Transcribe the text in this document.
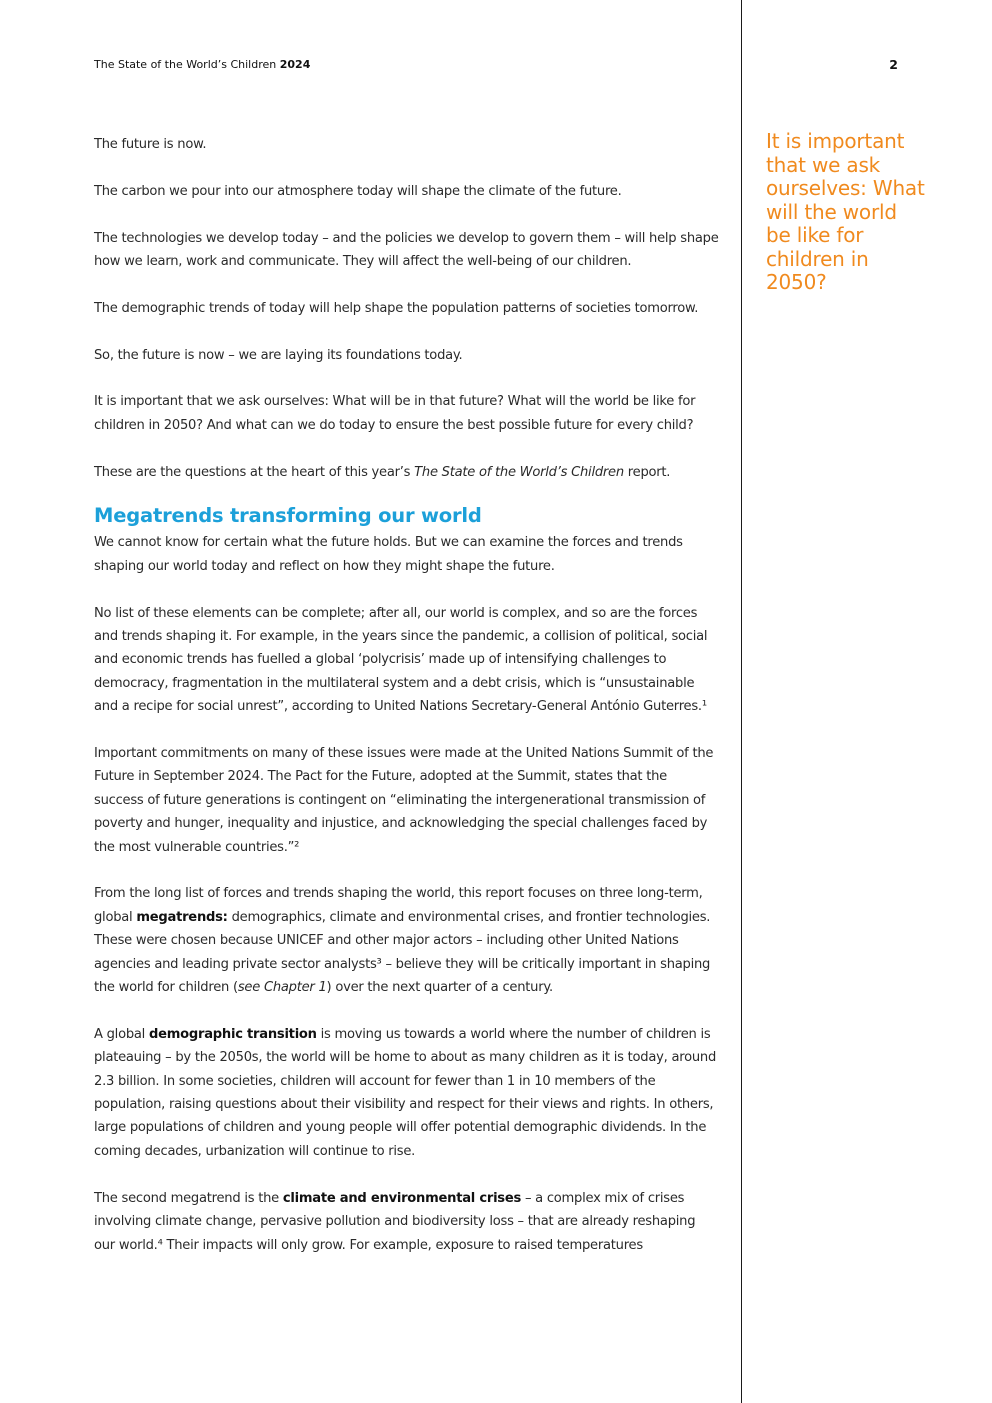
The State of the World’s Children 2024	2
It is important that we ask ourselves: What will the world be like for children in 2050?

The future is now.

The carbon we pour into our atmosphere today will shape the climate of the future.

The technologies we develop today – and the policies we develop to govern them – will help shape how we learn, work and communicate. They will affect the well-being of our children.

The demographic trends of today will help shape the population patterns of societies tomorrow.

So, the future is now – we are laying its foundations today.

It is important that we ask ourselves: What will be in that future? What will the world be like for children in 2050? And what can we do today to ensure the best possible future for every child?

These are the questions at the heart of this year’s The State of the World’s Children report.

Megatrends transforming our world

We cannot know for certain what the future holds. But we can examine the forces and trends shaping our world today and reflect on how they might shape the future.

No list of these elements can be complete; after all, our world is complex, and so are the forces and trends shaping it. For example, in the years since the pandemic, a collision of political, social and economic trends has fuelled a global ‘polycrisis’ made up of intensifying challenges to democracy, fragmentation in the multilateral system and a debt crisis, which is “unsustainable and a recipe for social unrest”, according to United Nations Secretary-General António Guterres.¹

Important commitments on many of these issues were made at the United Nations Summit of the Future in September 2024. The Pact for the Future, adopted at the Summit, states that the success of future generations is contingent on “eliminating the intergenerational transmission of poverty and hunger, inequality and injustice, and acknowledging the special challenges faced by the most vulnerable countries.”²

From the long list of forces and trends shaping the world, this report focuses on three long-term, global megatrends: demographics, climate and environmental crises, and frontier technologies. These were chosen because UNICEF and other major actors – including other United Nations agencies and leading private sector analysts³ – believe they will be critically important in shaping the world for children (see Chapter 1) over the next quarter of a century.

A global demographic transition is moving us towards a world where the number of children is plateauing – by the 2050s, the world will be home to about as many children as it is today, around 2.3 billion. In some societies, children will account for fewer than 1 in 10 members of the population, raising questions about their visibility and respect for their views and rights. In others, large populations of children and young people will offer potential demographic dividends. In the coming decades, urbanization will continue to rise.

The second megatrend is the climate and environmental crises – a complex mix of crises involving climate change, pervasive pollution and biodiversity loss – that are already reshaping our world.⁴ Their impacts will only grow. For example, exposure to raised temperatures
